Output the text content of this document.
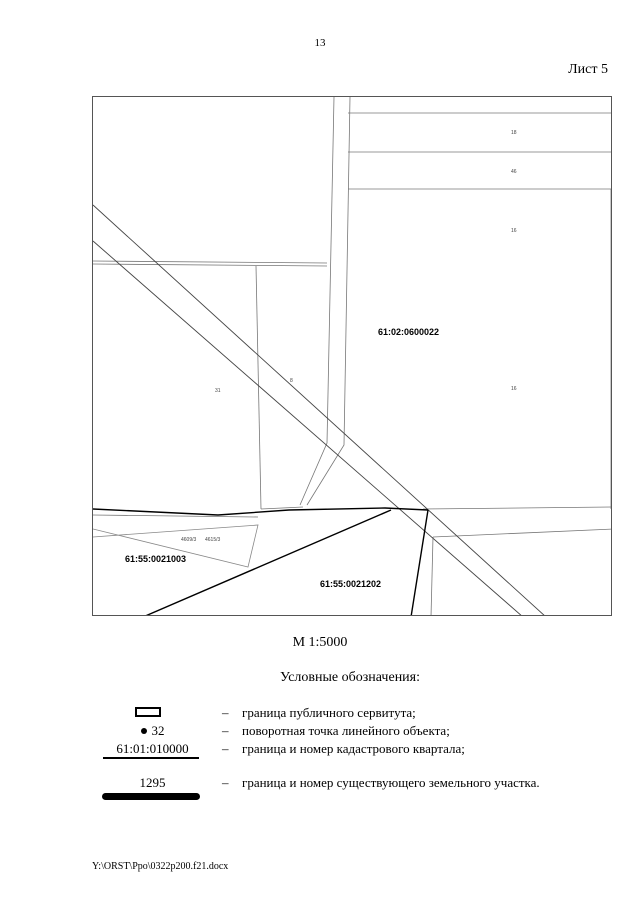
13
Лист 5
61:02:0600022
61:55:0021003
61:55:0021202
18
46
16
16
31
8
4609/3 4615/3
М 1:5000
Условные обозначения:
– граница публичного сервитута;
32	– поворотная точка линейного объекта;
61:01:010000	– граница и номер кадастрового квартала;
1295	– граница и номер существующего земельного участка.
Y:\ORST\Ppo\0322p200.f21.docx
